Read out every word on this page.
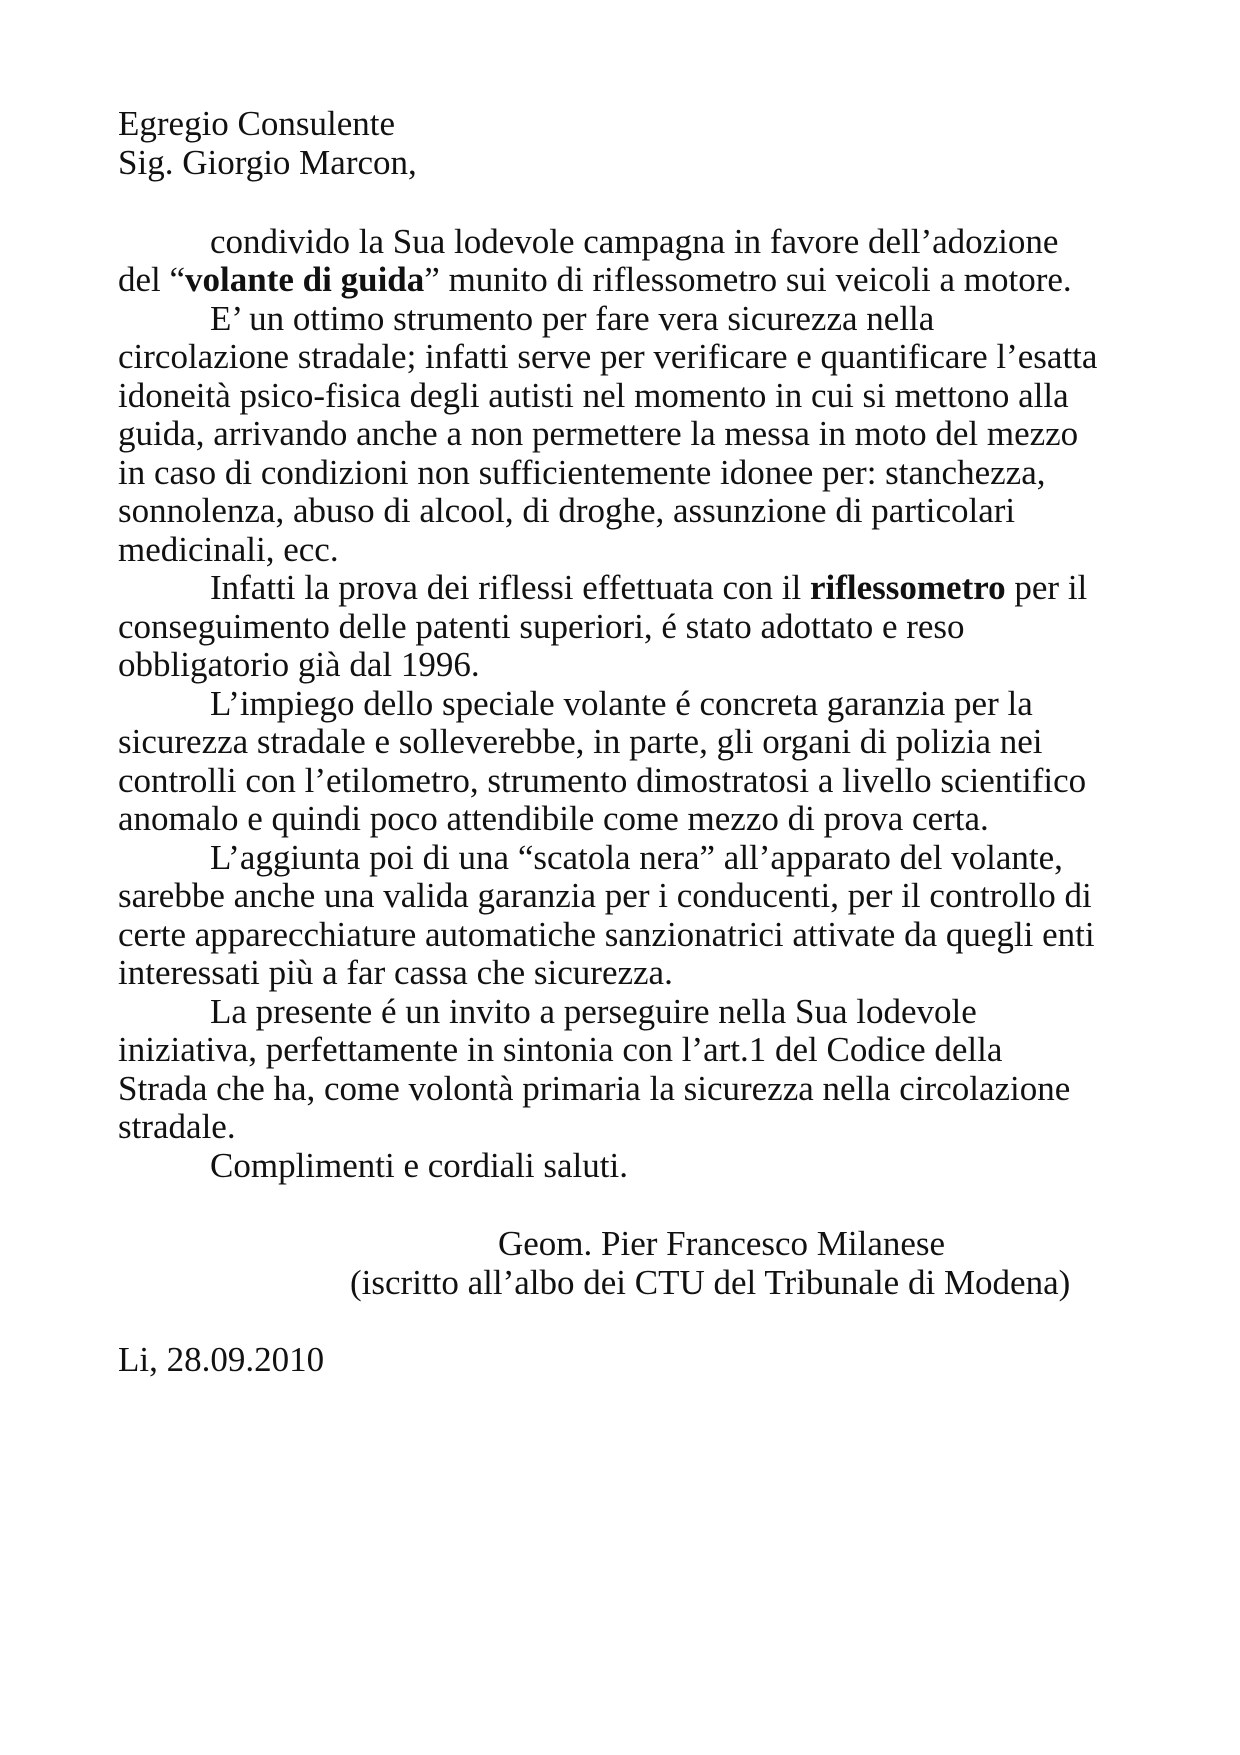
Egregio Consulente
Sig. Giorgio Marcon,
condivido la Sua lodevole campagna in favore dell’adozione
del “volante di guida” munito di riflessometro sui veicoli a motore.
E’ un ottimo strumento per fare vera sicurezza nella
circolazione stradale; infatti serve per verificare e quantificare l’esatta
idoneità psico-fisica degli autisti nel momento in cui si mettono alla
guida, arrivando anche a non permettere la messa in moto del mezzo
in caso di condizioni non sufficientemente idonee per: stanchezza,
sonnolenza, abuso di alcool, di droghe, assunzione di particolari
medicinali, ecc.
Infatti la prova dei riflessi effettuata con il riflessometro per il
conseguimento delle patenti superiori, é stato adottato e reso
obbligatorio già dal 1996.
L’impiego dello speciale volante é concreta garanzia per la
sicurezza stradale e solleverebbe, in parte, gli organi di polizia nei
controlli con l’etilometro, strumento dimostratosi a livello scientifico
anomalo e quindi poco attendibile come mezzo di prova certa.
L’aggiunta poi di una “scatola nera” all’apparato del volante,
sarebbe anche una valida garanzia per i conducenti, per il controllo di
certe apparecchiature automatiche sanzionatrici attivate da quegli enti
interessati più a far cassa che sicurezza.
La presente é un invito a perseguire nella Sua lodevole
iniziativa, perfettamente in sintonia con l’art.1 del Codice della
Strada che ha, come volontà primaria la sicurezza nella circolazione
stradale.
Complimenti e cordiali saluti.
Geom. Pier Francesco Milanese
(iscritto all’albo dei CTU del Tribunale di Modena)
Li, 28.09.2010
